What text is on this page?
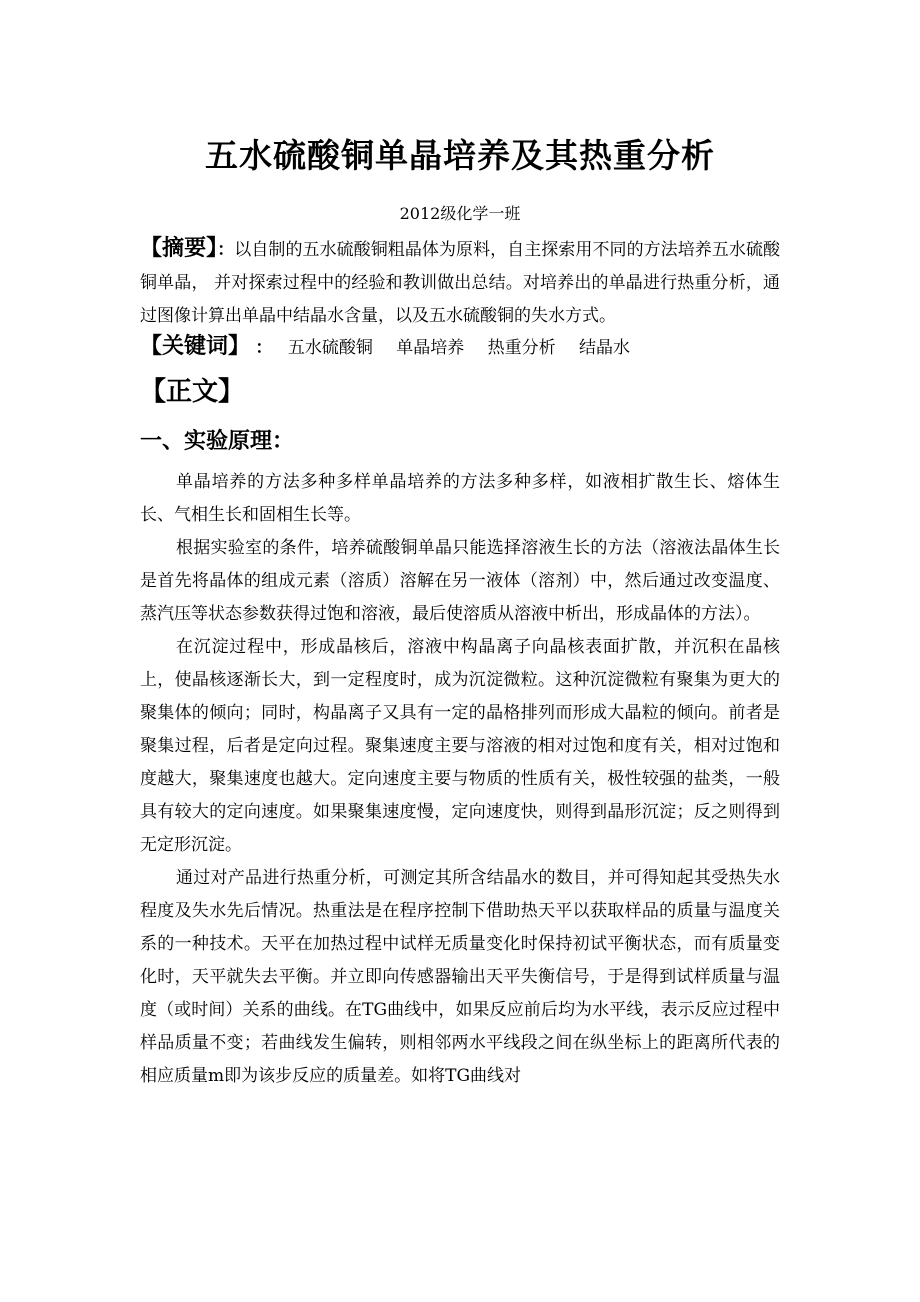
五水硫酸铜单晶培养及其热重分析
2012级化学一班
【摘要】：以自制的五水硫酸铜粗晶体为原料，自主探索用不同的方法培养五水硫酸铜单晶， 并对探索过程中的经验和教训做出总结。对培养出的单晶进行热重分析，通过图像计算出单晶中结晶水含量，以及五水硫酸铜的失水方式。
【关键词】 ： 五水硫酸铜 单晶培养 热重分析 结晶水
【正文】
一、实验原理：

单晶培养的方法多种多样单晶培养的方法多种多样，如液相扩散生长、熔体生长、气相生长和固相生长等。

根据实验室的条件，培养硫酸铜单晶只能选择溶液生长的方法（溶液法晶体生长是首先将晶体的组成元素（溶质）溶解在另一液体（溶剂）中，然后通过改变温度、蒸汽压等状态参数获得过饱和溶液，最后使溶质从溶液中析出，形成晶体的方法）。

在沉淀过程中，形成晶核后，溶液中构晶离子向晶核表面扩散，并沉积在晶核上，使晶核逐渐长大，到一定程度时，成为沉淀微粒。这种沉淀微粒有聚集为更大的聚集体的倾向；同时，构晶离子又具有一定的晶格排列而形成大晶粒的倾向。前者是聚集过程，后者是定向过程。聚集速度主要与溶液的相对过饱和度有关，相对过饱和度越大，聚集速度也越大。定向速度主要与物质的性质有关，极性较强的盐类，一般具有较大的定向速度。如果聚集速度慢，定向速度快，则得到晶形沉淀；反之则得到无定形沉淀。

通过对产品进行热重分析，可测定其所含结晶水的数目，并可得知起其受热失水程度及失水先后情况。热重法是在程序控制下借助热天平以获取样品的质量与温度关系的一种技术。天平在加热过程中试样无质量变化时保持初试平衡状态，而有质量变化时，天平就失去平衡。并立即向传感器输出天平失衡信号，于是得到试样质量与温度（或时间）关系的曲线。在TG曲线中，如果反应前后均为水平线，表示反应过程中样品质量不变；若曲线发生偏转，则相邻两水平线段之间在纵坐标上的距离所代表的相应质量m即为该步反应的质量差。如将TG曲线对
